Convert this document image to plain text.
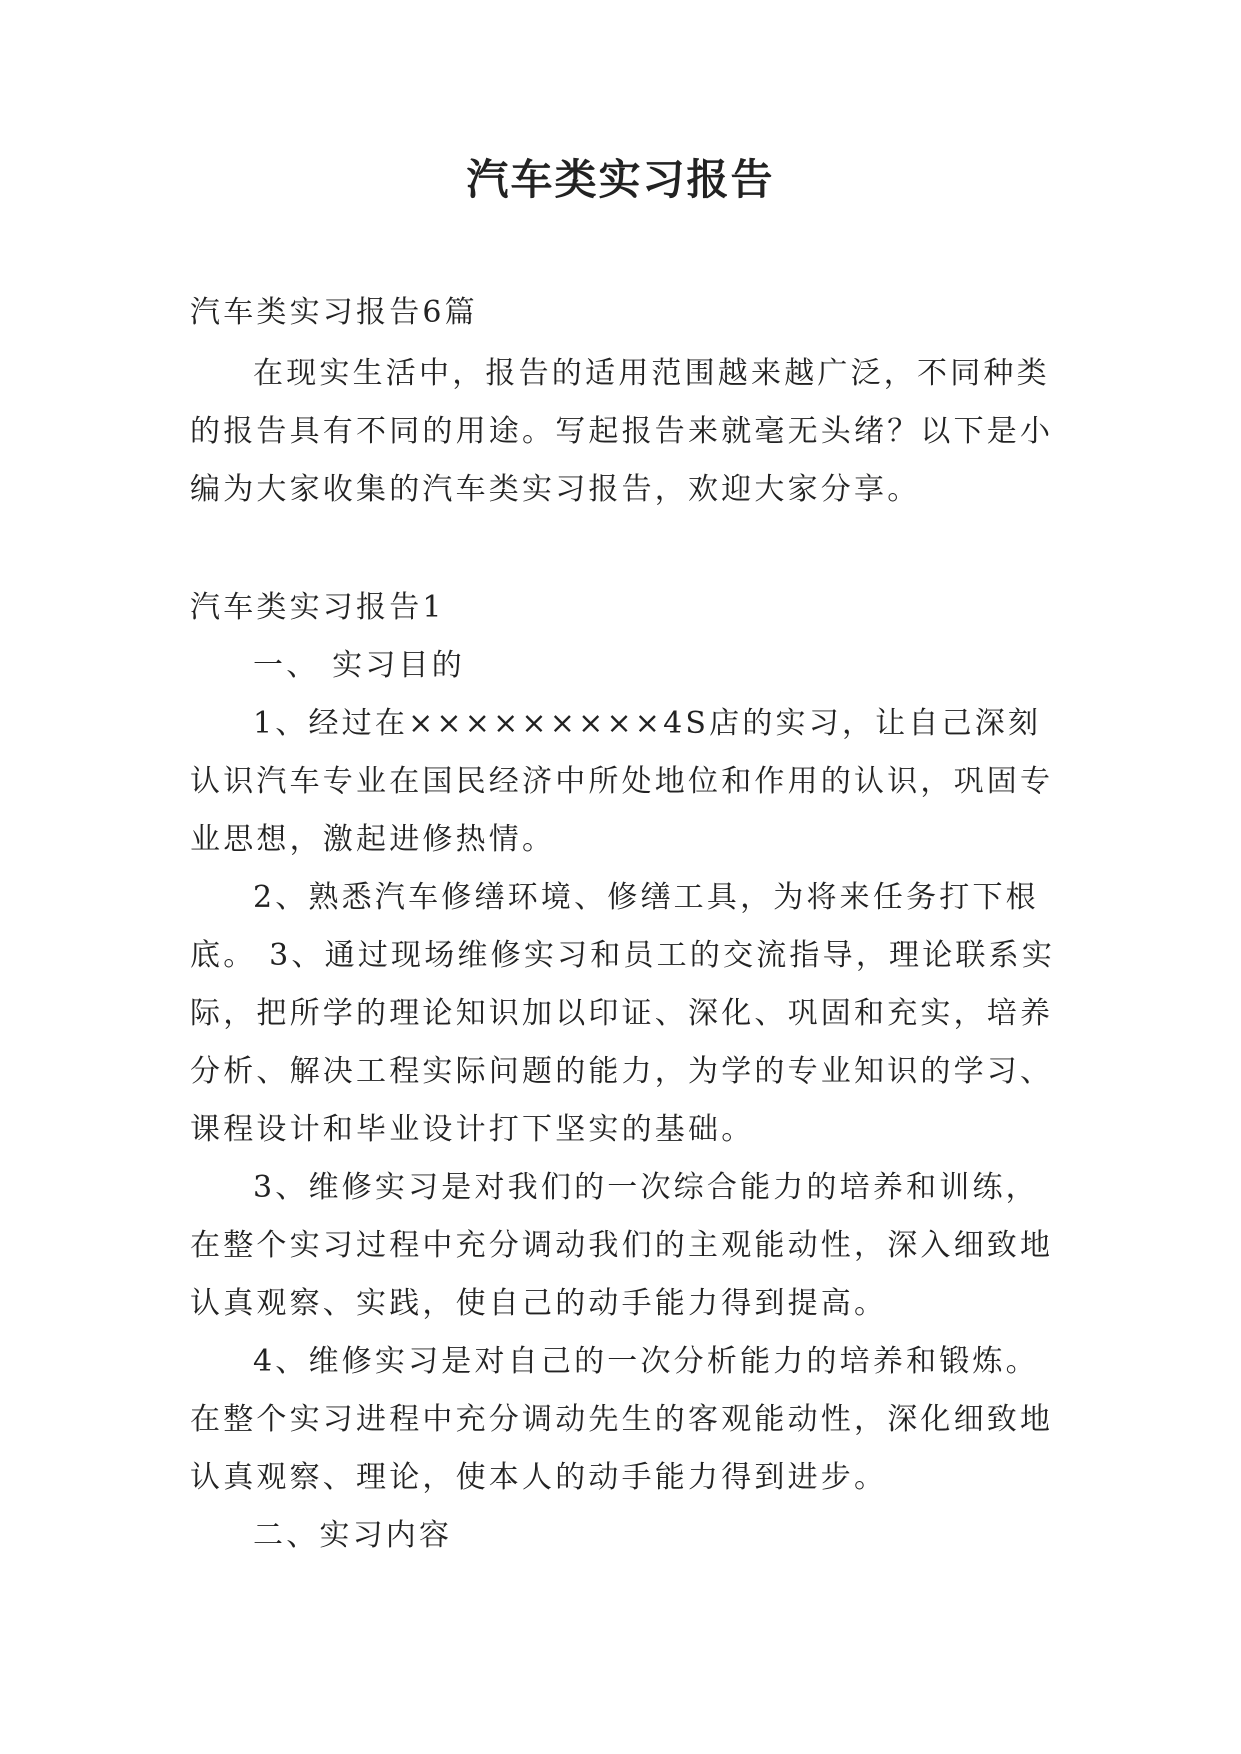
汽车类实习报告
汽车类实习报告6篇
在现实生活中，报告的适用范围越来越广泛，不同种类
的报告具有不同的用途。写起报告来就毫无头绪？以下是小
编为大家收集的汽车类实习报告，欢迎大家分享。
汽车类实习报告1
一、 实习目的
1、经过在×××××××××4S店的实习，让自己深刻
认识汽车专业在国民经济中所处地位和作用的认识，巩固专
业思想，激起进修热情。
2、熟悉汽车修缮环境、修缮工具，为将来任务打下根
底。 3、通过现场维修实习和员工的交流指导，理论联系实
际，把所学的理论知识加以印证、深化、巩固和充实，培养
分析、解决工程实际问题的能力，为学的专业知识的学习、
课程设计和毕业设计打下坚实的基础。
3、维修实习是对我们的一次综合能力的培养和训练，
在整个实习过程中充分调动我们的主观能动性，深入细致地
认真观察、实践，使自己的动手能力得到提高。
4、维修实习是对自己的一次分析能力的培养和锻炼。
在整个实习进程中充分调动先生的客观能动性，深化细致地
认真观察、理论，使本人的动手能力得到进步。
二、实习内容
